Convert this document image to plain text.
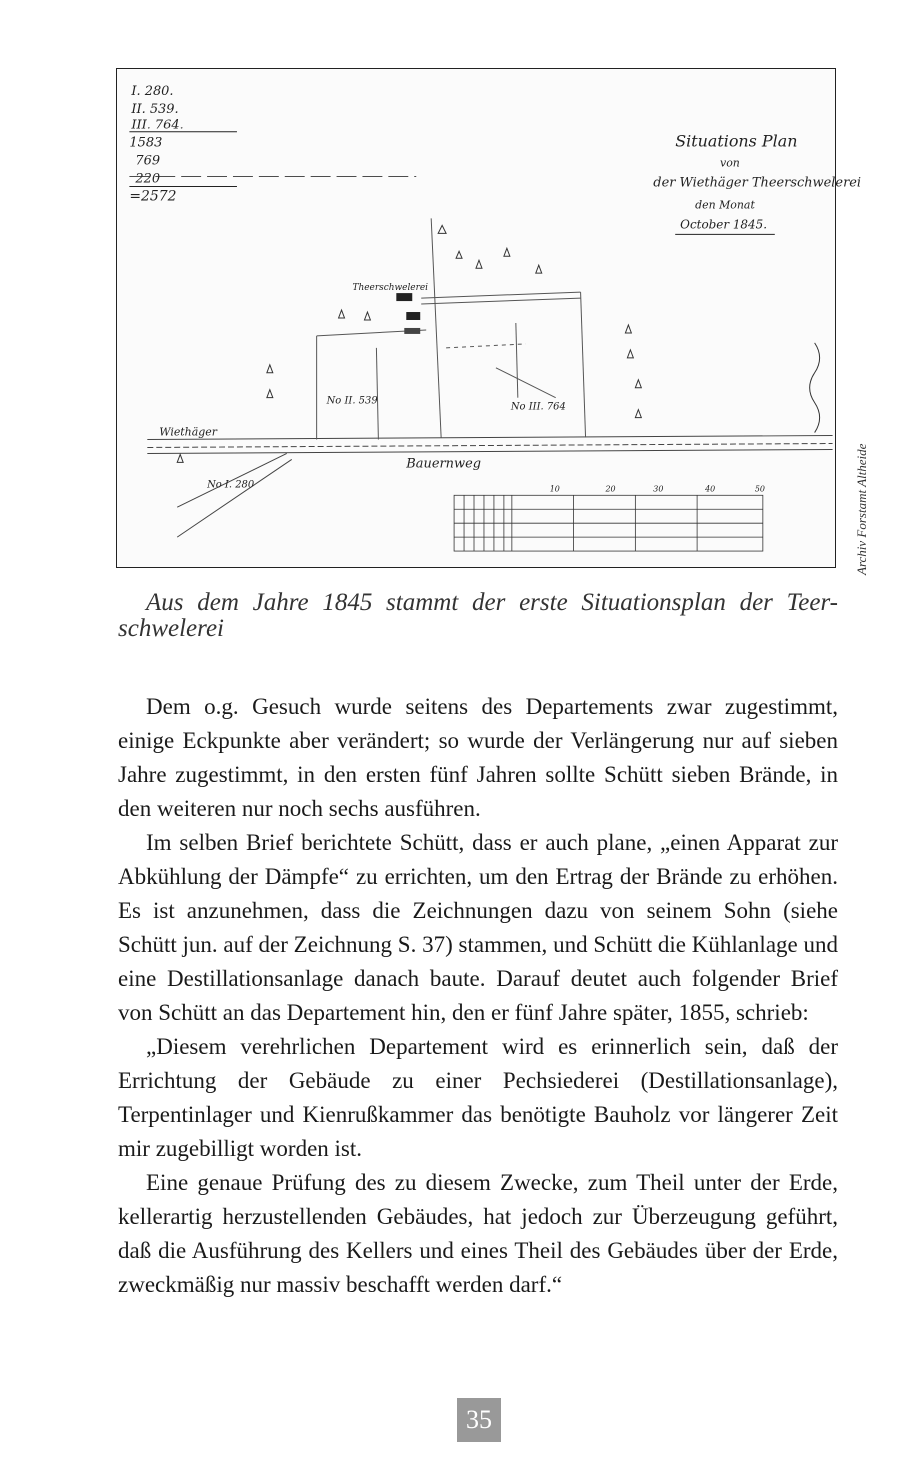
I. 280.
II. 539.
III. 764.
1583
769
220
=2572
Situations Plan
von
der Wiethäger Theerschwelerei
den Monat
October 1845.
Wiethäger
Bauernweg
No III. 764
No II. 539
No I. 280
Theerschwelerei
10	20	30	40	50	Archiv Forstamt Altheide
Aus dem Jahre 1845 stammt der erste Situationsplan der Teer-
schwelerei

Dem o.g. Gesuch wurde seitens des Departements zwar zugestimmt, einige Eckpunkte aber verändert; so wurde der Verlängerung nur auf sieben Jahre zugestimmt, in den ersten fünf Jahren sollte Schütt sieben Brände, in den weiteren nur noch sechs ausführen.

Im selben Brief berichtete Schütt, dass er auch plane, „einen Apparat zur Abkühlung der Dämpfe“ zu errichten, um den Ertrag der Brände zu erhöhen. Es ist anzunehmen, dass die Zeichnungen dazu von seinem Sohn (siehe Schütt jun. auf der Zeichnung S. 37) stammen, und Schütt die Kühlanlage und eine Destillationsanlage danach baute. Darauf deutet auch folgender Brief von Schütt an das Departement hin, den er fünf Jahre später, 1855, schrieb:

„Diesem verehrlichen Departement wird es erinnerlich sein, daß der Errichtung der Gebäude zu einer Pechsiederei (Destillationsanlage), Terpentinlager und Kienrußkammer das benötigte Bauholz vor längerer Zeit mir zugebilligt worden ist.

Eine genaue Prüfung des zu diesem Zwecke, zum Theil unter der Erde, kellerartig herzustellenden Gebäudes, hat jedoch zur Überzeugung geführt, daß die Ausführung des Kellers und eines Theil des Gebäudes über der Erde, zweckmäßig nur massiv beschafft werden darf.“

35
